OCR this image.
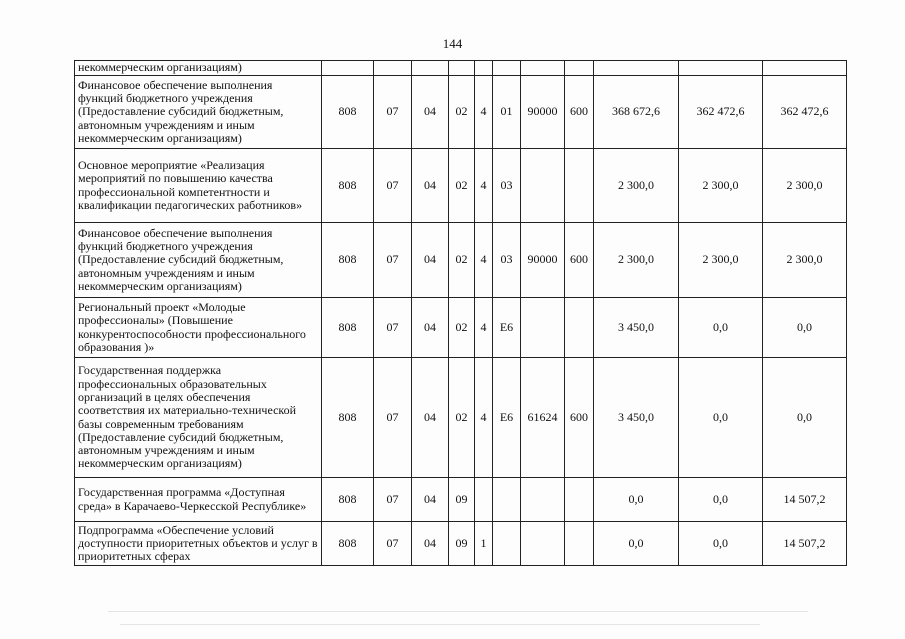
144
некоммерческим организациям)											
Финансовое обеспечение выполнения функций бюджетного учреждения (Предоставление субсидий бюджетным, автономным учреждениям и иным некоммерческим организациям)	808	07	04	02	4	01	90000	600	368 672,6	362 472,6	362 472,6
Основное мероприятие «Реализация мероприятий по повышению качества профессиональной компетентности и квалификации педагогических работников»	808	07	04	02	4	03			2 300,0	2 300,0	2 300,0
Финансовое обеспечение выполнения функций бюджетного учреждения (Предоставление субсидий бюджетным, автономным учреждениям и иным некоммерческим организациям)	808	07	04	02	4	03	90000	600	2 300,0	2 300,0	2 300,0
Региональный проект «Молодые профессионалы» (Повышение конкурентоспособности профессионального образования )»	808	07	04	02	4	E6			3 450,0	0,0	0,0
Государственная поддержка профессиональных образовательных организаций в целях обеспечения соответствия их материально-технической базы современным требованиям (Предоставление субсидий бюджетным, автономным учреждениям и иным некоммерческим организациям)	808	07	04	02	4	E6	61624	600	3 450,0	0,0	0,0
Государственная программа «Доступная среда» в Карачаево-Черкесской Республике»	808	07	04	09					0,0	0,0	14 507,2
Подпрограмма «Обеспечение условий доступности приоритетных объектов и услуг в приоритетных сферах	808	07	04	09	1				0,0	0,0	14 507,2
